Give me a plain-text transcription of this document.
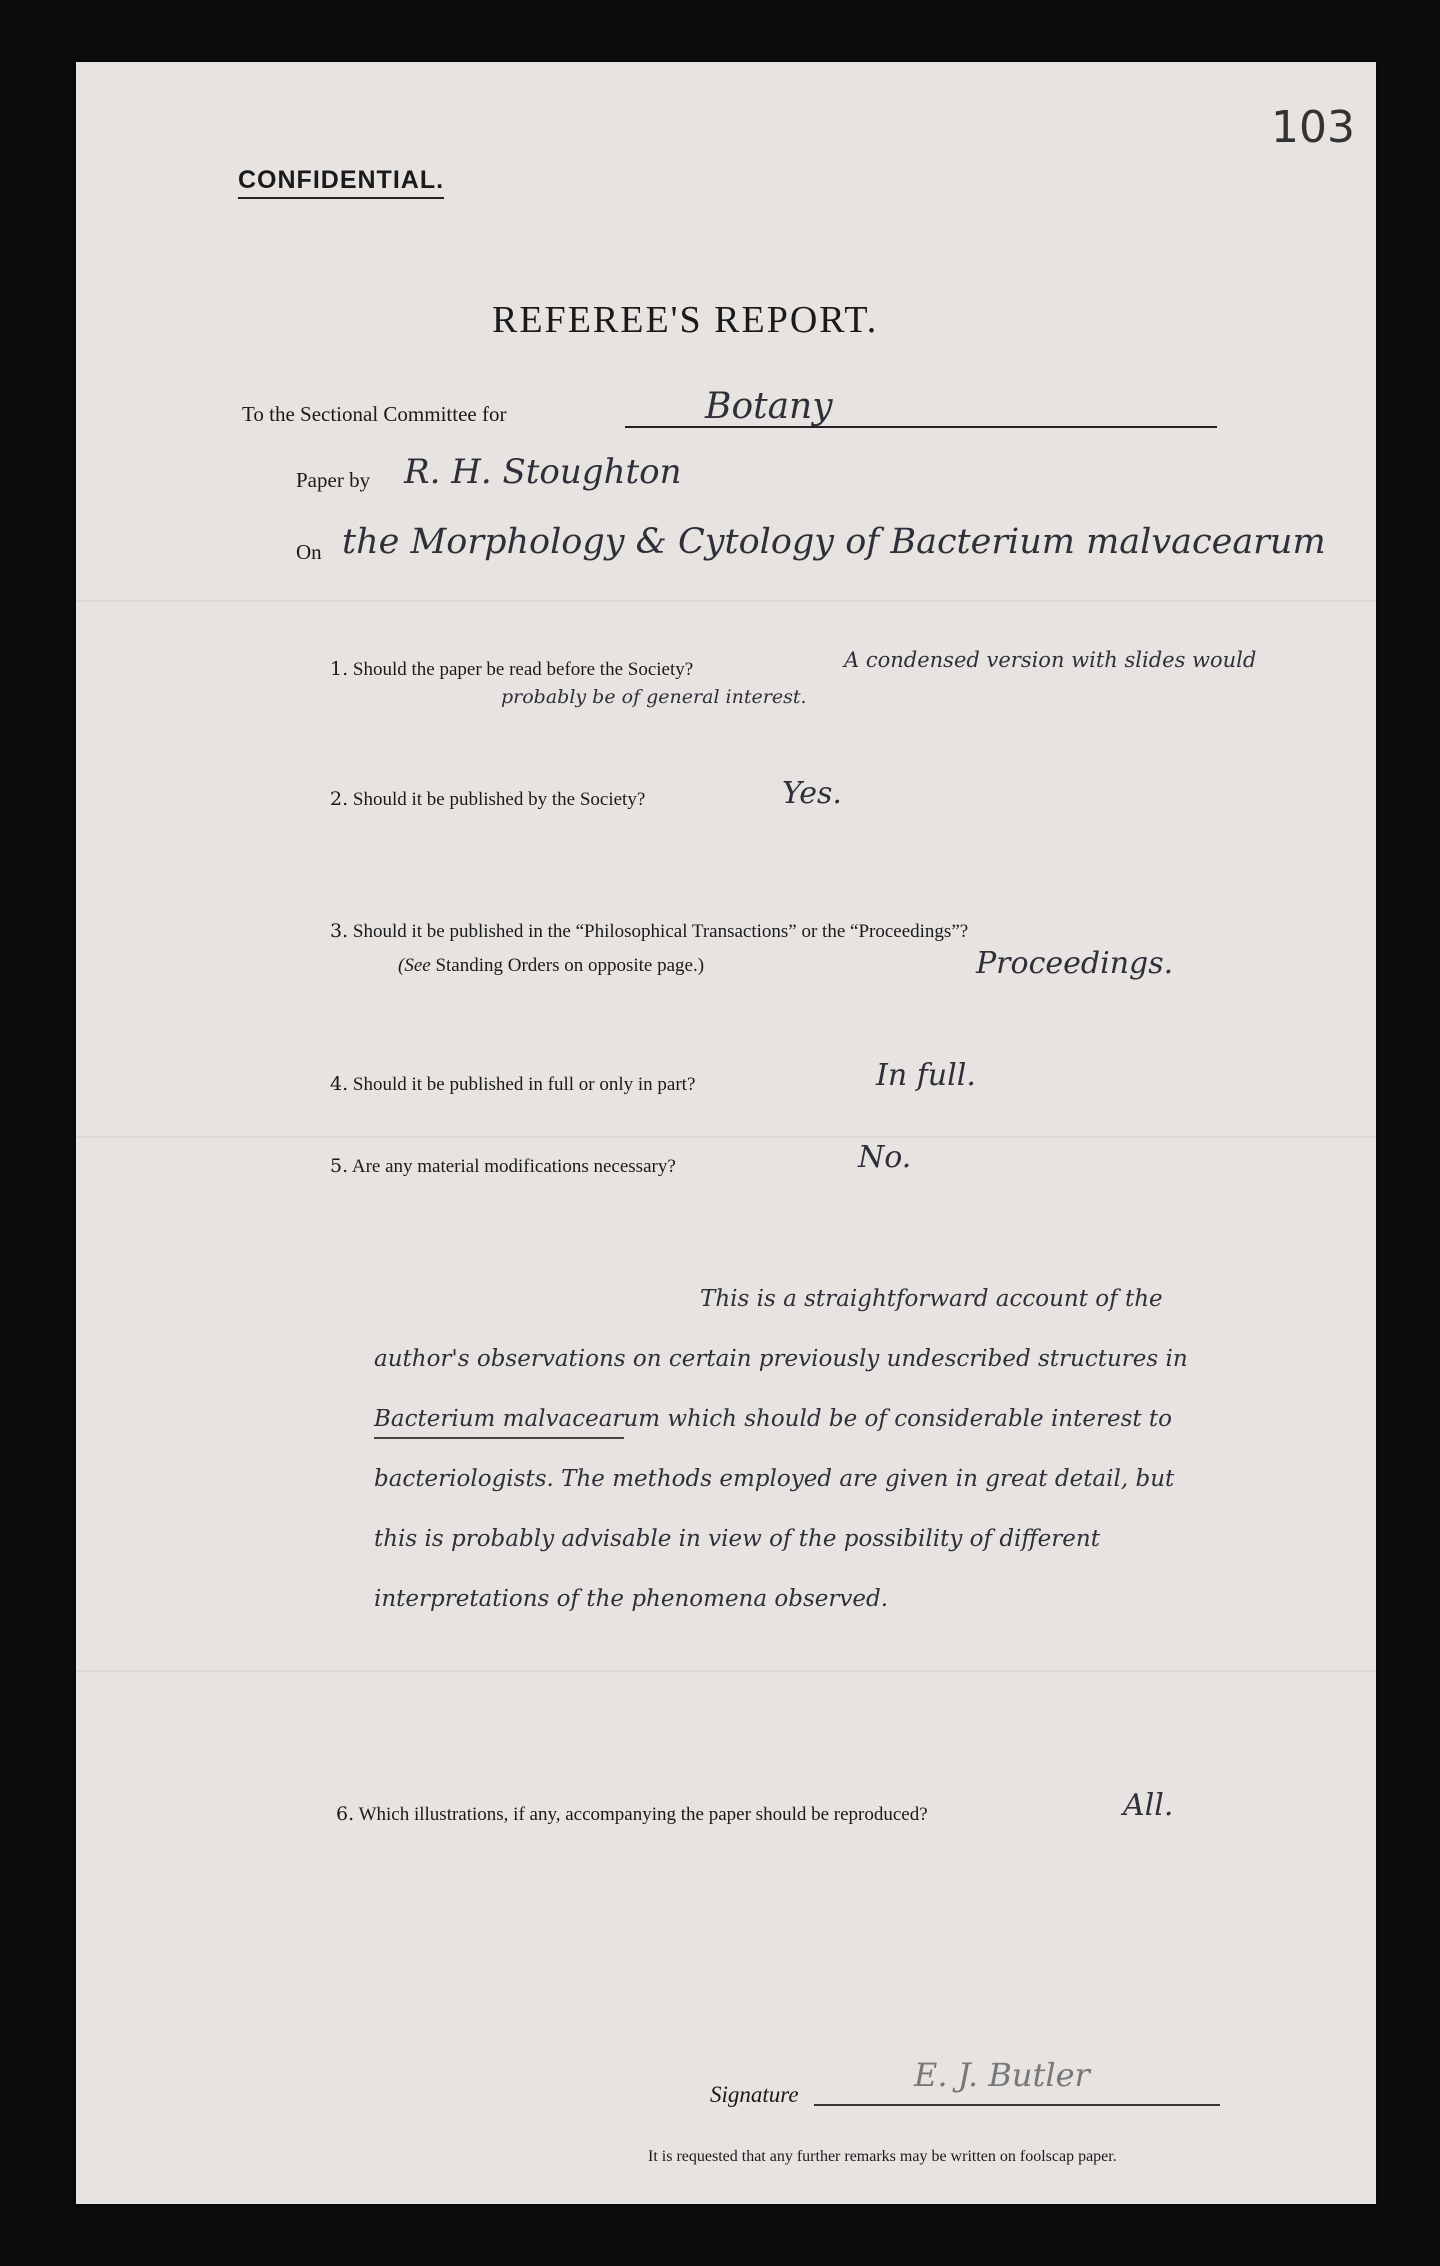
103
CONFIDENTIAL.
REFEREE'S REPORT.
To the Sectional Committee for	Botany
Paper by R. H. Stoughton
On the Morphology & Cytology of Bacterium malvacearum
1. Should the paper be read before the Society?	A condensed version with slides would
probably be of general interest.
2. Should it be published by the Society?	Yes.
3. Should it be published in the “Philosophical Transactions” or the “Proceedings”?
(See Standing Orders on opposite page.)	Proceedings.
4. Should it be published in full or only in part?	In full.
5. Are any material modifications necessary?	No.
This is a straightforward account of the
author's observations on certain previously undescribed structures in
Bacterium malvacearum which should be of considerable interest to
bacteriologists. The methods employed are given in great detail, but
this is probably advisable in view of the possibility of different
interpretations of the phenomena observed.
6. Which illustrations, if any, accompanying the paper should be reproduced?	All.
Signature
E. J. Butler
It is requested that any further remarks may be written on foolscap paper.
